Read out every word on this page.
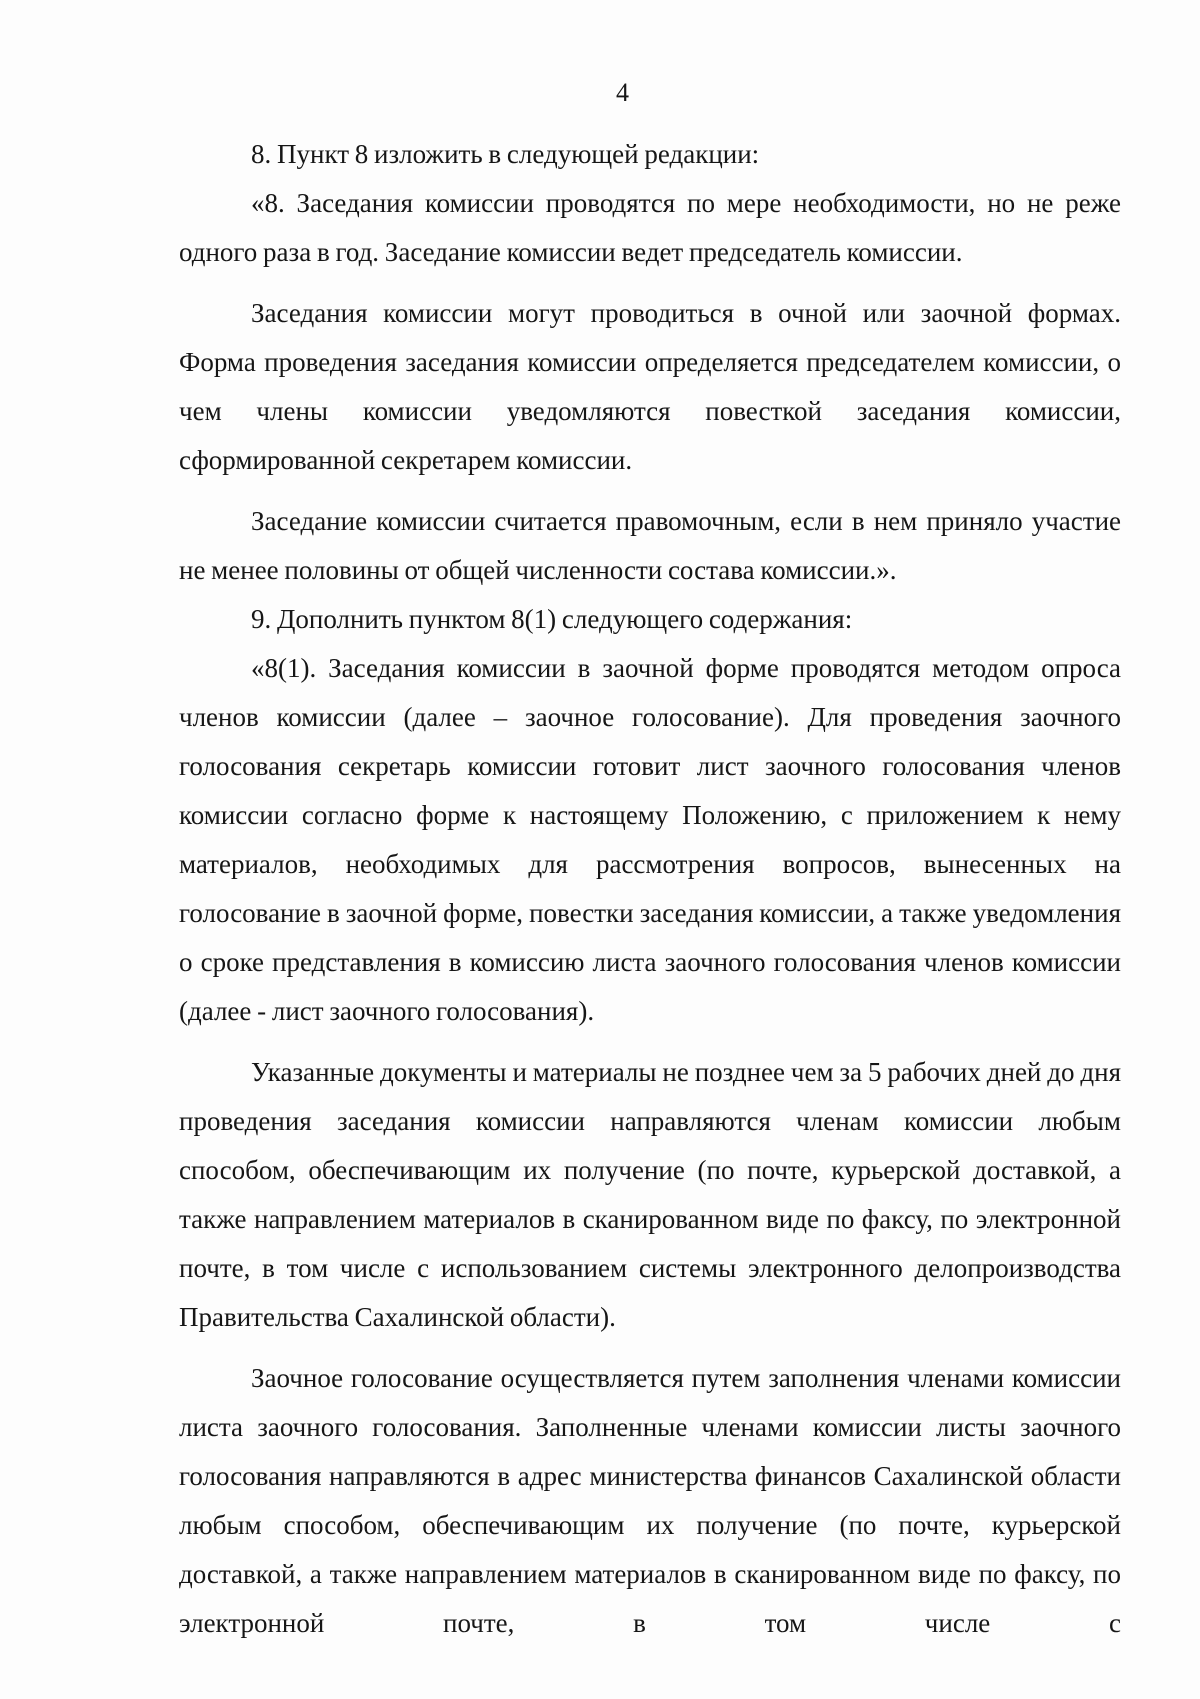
4

8. Пункт 8 изложить в следующей редакции:

«8. Заседания комиссии проводятся по мере необходимости, но не реже одного раза в год. Заседание комиссии ведет председатель комиссии.

Заседания комиссии могут проводиться в очной или заочной формах. Форма проведения заседания комиссии определяется председателем комиссии, о чем члены комиссии уведомляются повесткой заседания комиссии, сформированной секретарем комиссии.

Заседание комиссии считается правомочным, если в нем приняло участие не менее половины от общей численности состава комиссии.».

9. Дополнить пунктом 8(1) следующего содержания:

«8(1). Заседания комиссии в заочной форме проводятся методом опроса членов комиссии (далее – заочное голосование). Для проведения заочного голосования секретарь комиссии готовит лист заочного голосования членов комиссии согласно форме к настоящему Положению, с приложением к нему материалов, необходимых для рассмотрения вопросов, вынесенных на голосование в заочной форме, повестки заседания комиссии, а также уведомления о сроке представления в комиссию листа заочного голосования членов комиссии (далее - лист заочного голосования).

Указанные документы и материалы не позднее чем за 5 рабочих дней до дня проведения заседания комиссии направляются членам комиссии любым способом, обеспечивающим их получение (по почте, курьерской доставкой, а также направлением материалов в сканированном виде по факсу, по электронной почте, в том числе с использованием системы электронного делопроизводства Правительства Сахалинской области).

Заочное голосование осуществляется путем заполнения членами комиссии листа заочного голосования. Заполненные членами комиссии листы заочного голосования направляются в адрес министерства финансов Сахалинской области любым способом, обеспечивающим их получение (по почте, курьерской доставкой, а также направлением материалов в сканированном виде по факсу, по электронной почте, в том числе с
